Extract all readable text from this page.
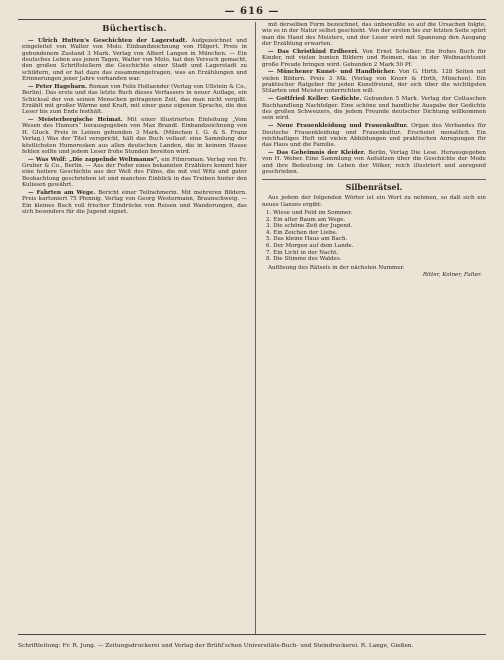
— 616 —
Büchertisch.

— Ulrich Hutten's Geschichten der Lagerstadt. Aufgezeichnet und eingeleitet von Walter von Molo. Einbandzeichnung von Hilgert. Preis in gebundenem Zustand 3 Mark. Verlag von Albert Langen in München. — Ein deutsches Leben aus jenen Tagen, Walter von Molo, hat den Versuch gemacht, den großen Schriftstellern die Geschichte einer Stadt und Lagerstadt zu schildern, und er hat dazu das zusammengetragen, was an Erzählungen und Erinnerungen jener Jahre vorhanden war.

— Peter Hagebarn. Roman von Felix Hollaender (Verlag von Ullstein & Co., Berlin). Das erste und das letzte Buch dieses Verfassers in neuer Auflage, ein Schicksal der von seinen Menschen getragenen Zeit, das man nicht vergißt. Erzählt mit großer Wärme und Kraft, mit einer ganz eigenen Sprache, die den Leser bis zum Ende festhält.

— Meisterbergische Heimat. Mit einer illustrierten Einleitung „Vom Wesen des Humors“ herausgegeben von Max Brandl. Einbandzeichnung von H. Gluck. Preis in Leinen gebunden 3 Mark. (München I. G. & S. Franz Verlag.) Was der Titel verspricht, hält das Buch vollauf: eine Sammlung der köstlichsten Humoresken aus allen deutschen Landen, die in keinem Hause fehlen sollte und jedem Leser frohe Stunden bereiten wird.

— Was Wolf: „Die zappelnde Weltmanns“, ein Filmroman. Verlag von Fr. Gruber & Co., Berlin. — Aus der Feder eines bekannten Erzählers kommt hier eine heitere Geschichte aus der Welt des Films, die mit viel Witz und guter Beobachtung geschrieben ist und manchen Einblick in das Treiben hinter den Kulissen gewährt.

— Fahrten am Wege. Bericht einer Teilnehmerin. Mit mehreren Bildern. Preis kartoniert 75 Pfennig. Verlag von Georg Westermann, Braunschweig. — Ein kleines Buch voll frischer Eindrücke von Reisen und Wanderungen, das sich besonders für die Jugend eignet.

mit derselben Form bezeichnet, das unbewußte so auf die Ursachen folgte, wie es in der Natur selbst geschieht. Von der ersten bis zur letzten Seite spürt man die Hand des Meisters, und der Leser wird mit Spannung den Ausgang der Erzählung erwarten.

— Das Christkind Erdbeeri. Von Ernst Schelker. Ein frohes Buch für Kinder, mit vielen bunten Bildern und Reimen, das in der Weihnachtszeit große Freude bringen wird. Gebunden 2 Mark 50 Pf.

— Münchener Kunst- und Handbücher. Von G. Hirth. 128 Seiten mit vielen Bildern. Preis 3 Mk. (Verlag von Knorr & Hirth, München). Ein praktischer Ratgeber für jeden Kunstfreund, der sich über die wichtigsten Stilarten und Meister unterrichten will.

— Gottfried Keller: Gedichte. Gebunden 5 Mark. Verlag der Cottaschen Buchhandlung Nachfolger. Eine schöne und handliche Ausgabe der Gedichte des großen Schweizers, die jedem Freunde deutscher Dichtung willkommen sein wird.

— Neue Frauenkleidung und Frauenkultur. Organ des Verbandes für Deutsche Frauenkleidung und Frauenkultur. Erscheint monatlich. Ein reichhaltiges Heft mit vielen Abbildungen und praktischen Anregungen für das Haus und die Familie.

— Das Geheimnis der Kleider. Berlin, Verlag Die Lese. Herausgegeben von H. Weber. Eine Sammlung von Aufsätzen über die Geschichte der Mode und ihre Bedeutung im Leben der Völker, reich illustriert und anregend geschrieben.

Silbenrätsel.

Aus jedem der folgenden Wörter ist ein Wort zu nehmen, so daß sich ein neues Ganzes ergibt:

1. Wiese und Feld im Sommer.
2. Ein alter Baum am Wege.
3. Die schöne Zeit der Jugend.
4. Ein Zeichen der Liebe.
5. Das kleine Haus am Bach.
6. Der Morgen auf dem Lande.
7. Ein Licht in der Nacht.
8. Die Stimme des Waldes.

Auflösung des Rätsels in der nächsten Nummer.

Ritter, Kolner, Falter.

Schriftleitung: Fr. R. Jung. — Zeitungsdruckerei und Verlag der Brühl'schen Universitäts-Buch- und Steindruckerei. R. Lange, Gießen.
